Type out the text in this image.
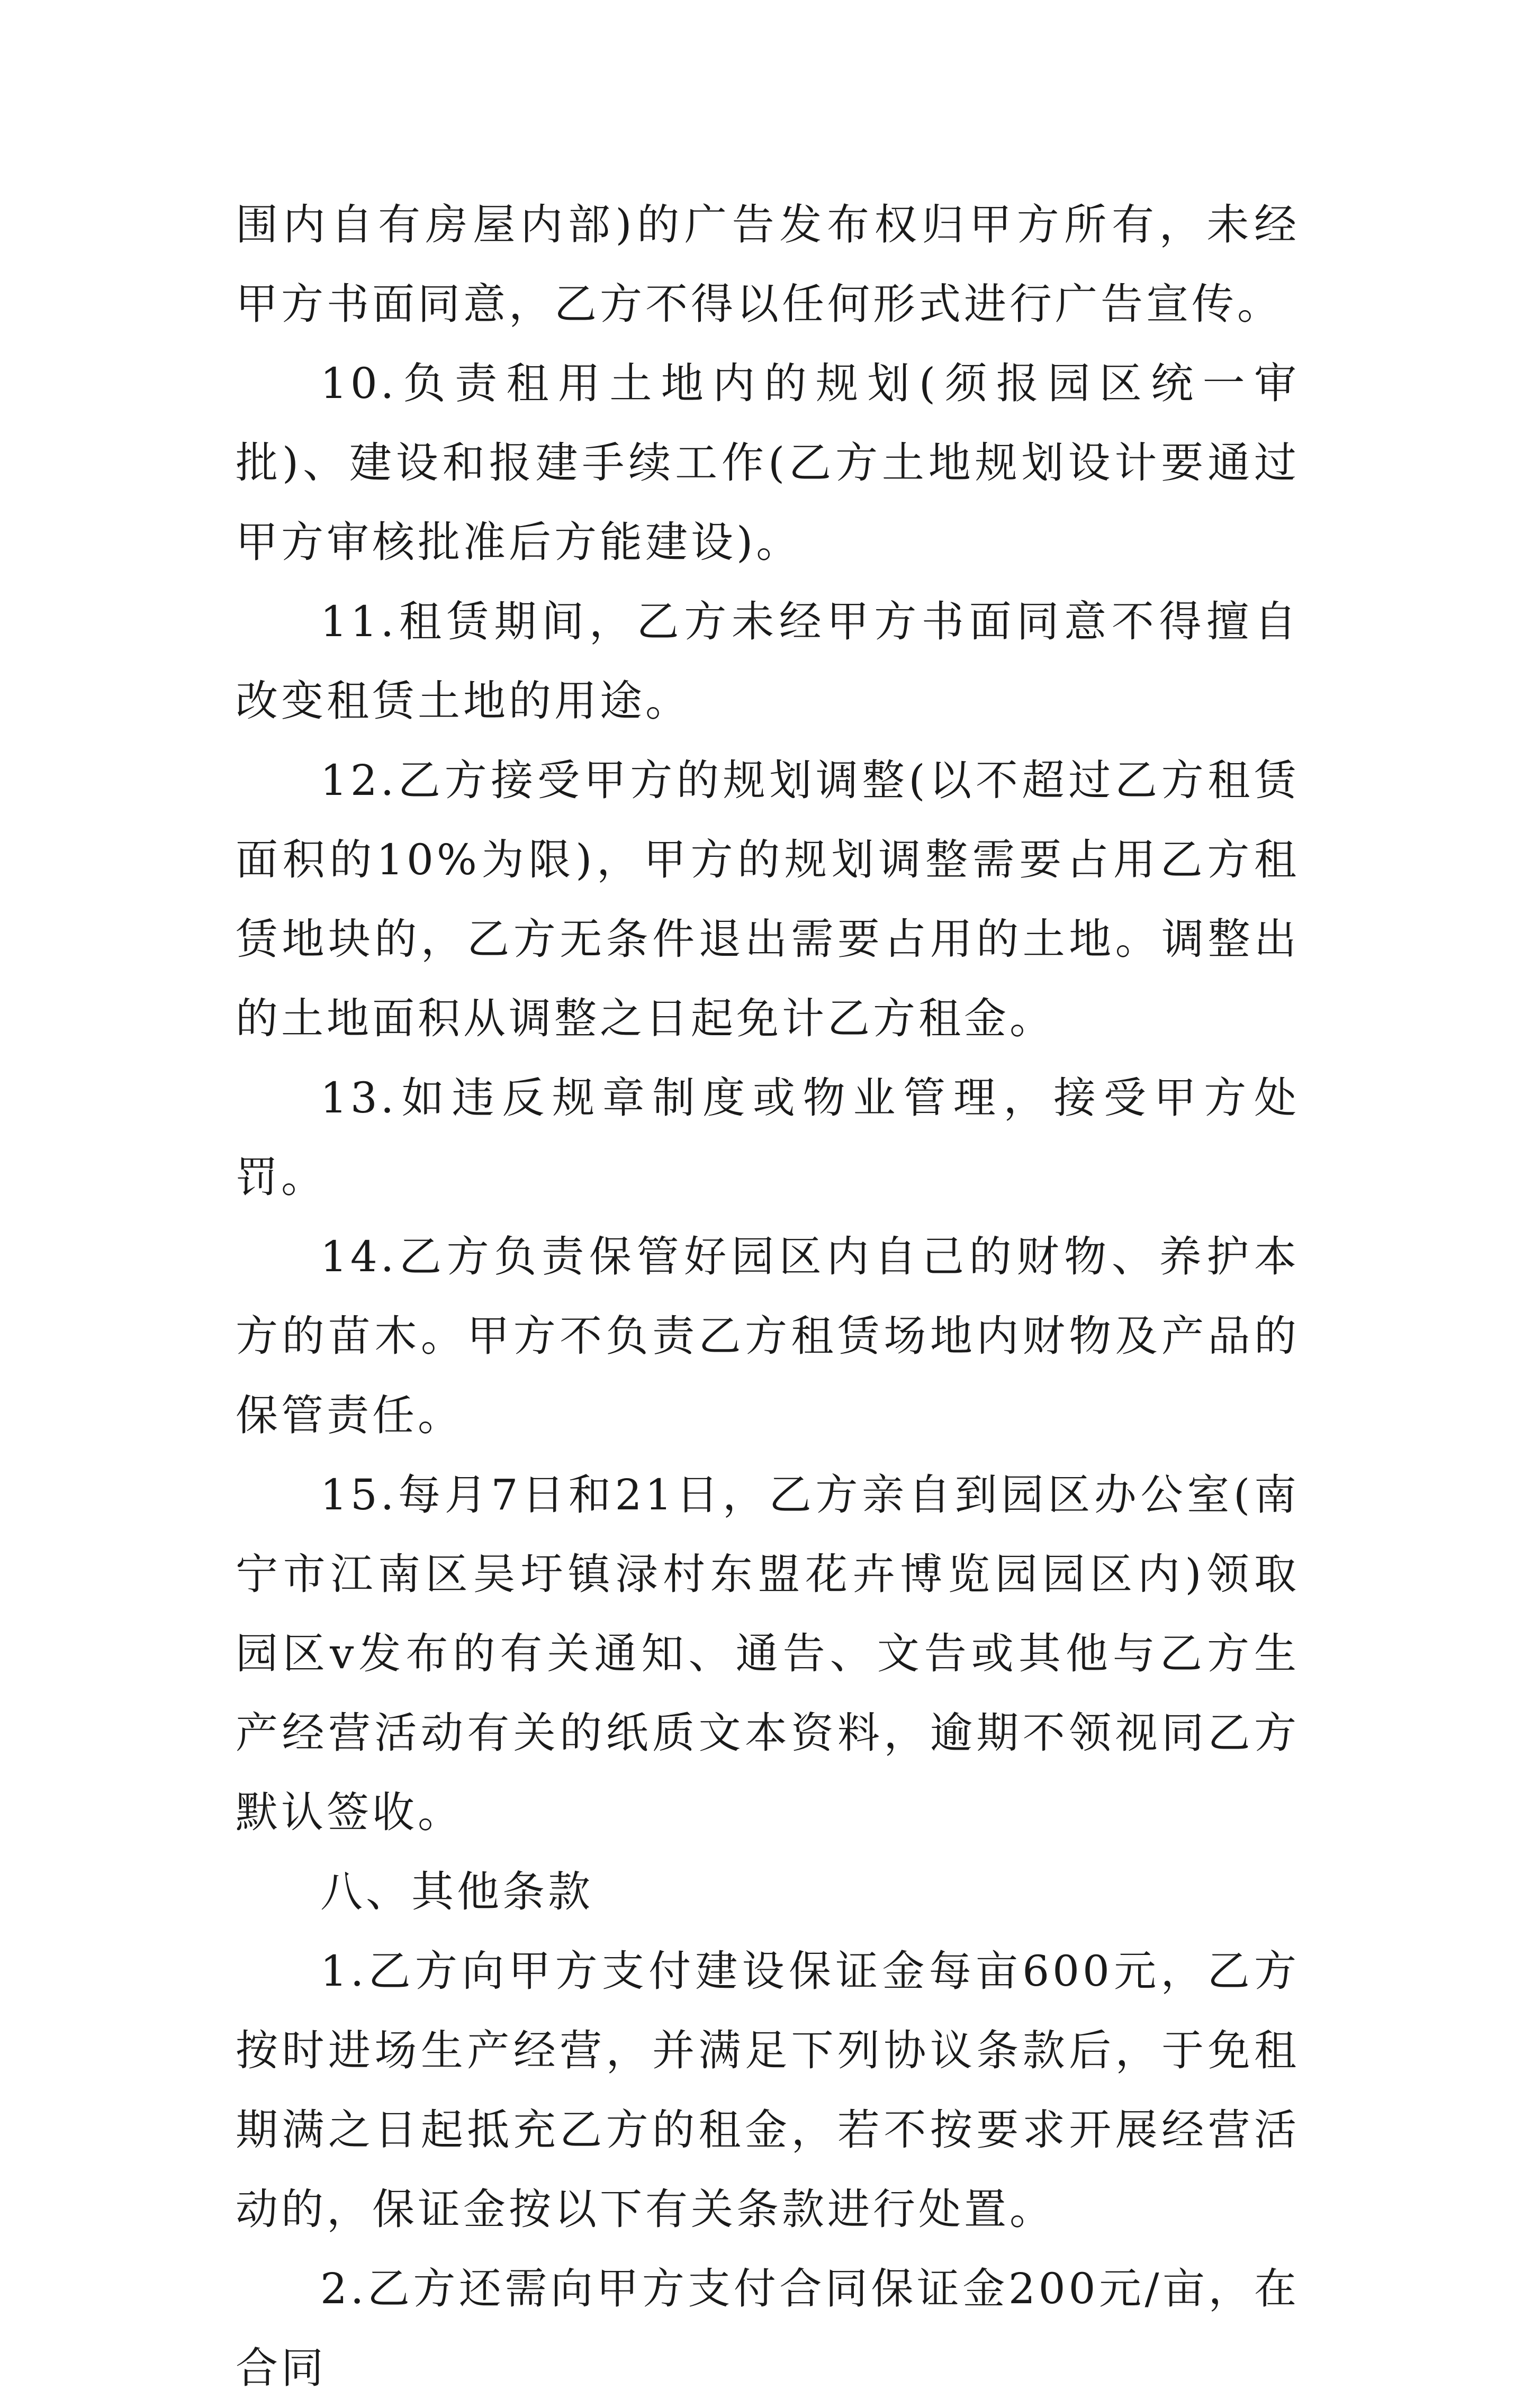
围内自有房屋内部)的广告发布权归甲方所有，未经甲方书面同意，乙方不得以任何形式进行广告宣传。

10.负责租用土地内的规划(须报园区统一审批)、建设和报建手续工作(乙方土地规划设计要通过甲方审核批准后方能建设)。

11.租赁期间，乙方未经甲方书面同意不得擅自改变租赁土地的用途。

12.乙方接受甲方的规划调整(以不超过乙方租赁面积的10%为限)，甲方的规划调整需要占用乙方租赁地块的，乙方无条件退出需要占用的土地。调整出的土地面积从调整之日起免计乙方租金。

13.如违反规章制度或物业管理，接受甲方处罚。

14.乙方负责保管好园区内自己的财物、养护本方的苗木。甲方不负责乙方租赁场地内财物及产品的保管责任。

15.每月7日和21日，乙方亲自到园区办公室(南宁市江南区吴圩镇渌村东盟花卉博览园园区内)领取园区v发布的有关通知、通告、文告或其他与乙方生产经营活动有关的纸质文本资料，逾期不领视同乙方默认签收。

八、其他条款

1.乙方向甲方支付建设保证金每亩600元，乙方按时进场生产经营，并满足下列协议条款后，于免租期满之日起抵充乙方的租金，若不按要求开展经营活动的，保证金按以下有关条款进行处置。

2.乙方还需向甲方支付合同保证金200元/亩，在合同
